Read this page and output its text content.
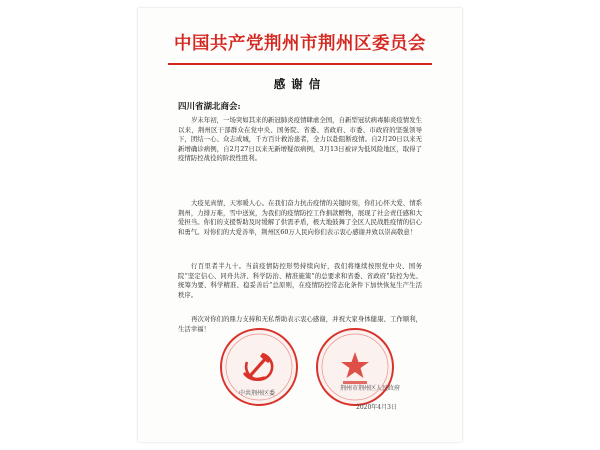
中国共产党荆州市荆州区委员会
感谢信
四川省湖北商会:

岁末年初，一场突如其来的新冠肺炎疫情肆虐全国，自新型冠状病毒肺炎疫情发生以来，荆州区干部群众在党中央、国务院、省委、省政府、市委、市政府的坚强领导下，团结一心、众志成城，千方百计救治患者，全力以赴阻断疫情。自2月20日以来无新增确诊病例，自2月27日以来无新增疑似病例，3月13日被评为低风险地区，取得了疫情防控战役的阶段性胜利。

大疫见真情，天寒暖人心。在我们奋力抗击疫情的关键时刻，你们心怀大爱、情系荆州，力排万难，雪中送炭，为我们的疫情防控工作捐款赠物，展现了社会责任感和大爱担当。你们的支援帮助及时缓解了供需矛盾，极大地鼓舞了全区人民战胜疫情的信心和勇气。对你们的大爱善举，荆州区60万人民向你们表示衷心感谢并致以崇高敬意！

行百里者半九十。当前疫情防控形势持续向好，我们将继续按照党中央、国务院“坚定信心、同舟共济、科学防治、精准施策”的总要求和省委、省政府“防控为先、统筹为要、科学精准、稳妥善后”总原则，在疫情防控常态化条件下加快恢复生产生活秩序。

再次对你们的鼎力支持和无私帮助表示衷心感谢，并祝大家身体健康、工作顺利，生活幸福！

中共荆州区委
荆州市荆州区人民政府
2020年4月3日
